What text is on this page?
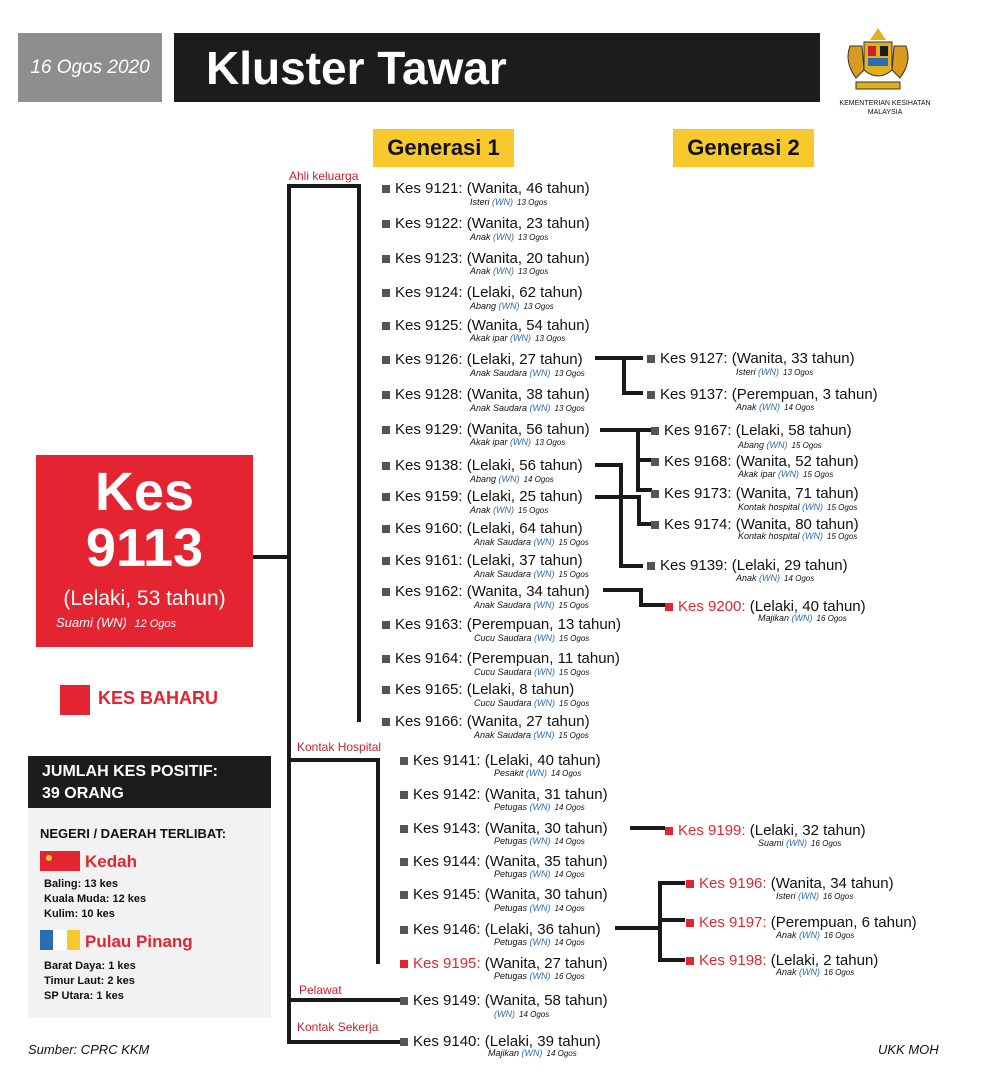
16 Ogos 2020	Kluster Tawar
KEMENTERIAN KESIHATAN MALAYSIA
Generasi 1	Generasi 2
Kes
9113
(Lelaki, 53 tahun)
Suami (WN) 12 Ogos
KES BAHARU
JUMLAH KES POSITIF:
39 ORANG
NEGERI / DAERAH TERLIBAT:
Kedah
Baling: 13 kes
Kuala Muda: 12 kes
Kulim: 10 kes
Pulau Pinang
Barat Daya: 1 kes
Timur Laut: 2 kes
SP Utara: 1 kes
Sumber: CPRC KKM	UKK MOH
Ahli keluarga
Kontak Hospital
Pelawat
Kontak Sekerja
Kes 9121: (Wanita, 46 tahun)
Isteri (WN) 13 Ogos
Kes 9122: (Wanita, 23 tahun)
Anak (WN) 13 Ogos
Kes 9123: (Wanita, 20 tahun)
Anak (WN) 13 Ogos
Kes 9124: (Lelaki, 62 tahun)
Abang (WN) 13 Ogos
Kes 9125: (Wanita, 54 tahun)
Akak ipar (WN) 13 Ogos
Kes 9126: (Lelaki, 27 tahun)
Anak Saudara (WN) 13 Ogos
Kes 9128: (Wanita, 38 tahun)
Anak Saudara (WN) 13 Ogos
Kes 9129: (Wanita, 56 tahun)
Akak ipar (WN) 13 Ogos
Kes 9138: (Lelaki, 56 tahun)
Abang (WN) 14 Ogos
Kes 9159: (Lelaki, 25 tahun)
Anak (WN) 15 Ogos
Kes 9160: (Lelaki, 64 tahun)
Anak Saudara (WN) 15 Ogos
Kes 9161: (Lelaki, 37 tahun)
Anak Saudara (WN) 15 Ogos
Kes 9162: (Wanita, 34 tahun)
Anak Saudara (WN) 15 Ogos
Kes 9163: (Perempuan, 13 tahun)
Cucu Saudara (WN) 15 Ogos
Kes 9164: (Perempuan, 11 tahun)
Cucu Saudara (WN) 15 Ogos
Kes 9165: (Lelaki, 8 tahun)
Cucu Saudara (WN) 15 Ogos
Kes 9166: (Wanita, 27 tahun)
Anak Saudara (WN) 15 Ogos
Kes 9141: (Lelaki, 40 tahun)
Pesakit (WN) 14 Ogos
Kes 9142: (Wanita, 31 tahun)
Petugas (WN) 14 Ogos
Kes 9143: (Wanita, 30 tahun)
Petugas (WN) 14 Ogos
Kes 9144: (Wanita, 35 tahun)
Petugas (WN) 14 Ogos
Kes 9145: (Wanita, 30 tahun)
Petugas (WN) 14 Ogos
Kes 9146: (Lelaki, 36 tahun)
Petugas (WN) 14 Ogos
Kes 9195: (Wanita, 27 tahun)
Petugas (WN) 16 Ogos
Kes 9149: (Wanita, 58 tahun)
(WN) 14 Ogos
Kes 9140: (Lelaki, 39 tahun)
Majikan (WN) 14 Ogos
Kes 9127: (Wanita, 33 tahun)
Isteri (WN) 13 Ogos
Kes 9137: (Perempuan, 3 tahun)
Anak (WN) 14 Ogos
Kes 9167: (Lelaki, 58 tahun)
Abang (WN) 15 Ogos
Kes 9168: (Wanita, 52 tahun)
Akak ipar (WN) 15 Ogos
Kes 9173: (Wanita, 71 tahun)
Kontak hospital (WN) 15 Ogos
Kes 9174: (Wanita, 80 tahun)
Kontak hospital (WN) 15 Ogos
Kes 9139: (Lelaki, 29 tahun)
Anak (WN) 14 Ogos
Kes 9200: (Lelaki, 40 tahun)
Majikan (WN) 16 Ogos
Kes 9199: (Lelaki, 32 tahun)
Suami (WN) 16 Ogos
Kes 9196: (Wanita, 34 tahun)
Isteri (WN) 16 Ogos
Kes 9197: (Perempuan, 6 tahun)
Anak (WN) 16 Ogos
Kes 9198: (Lelaki, 2 tahun)
Anak (WN) 16 Ogos
